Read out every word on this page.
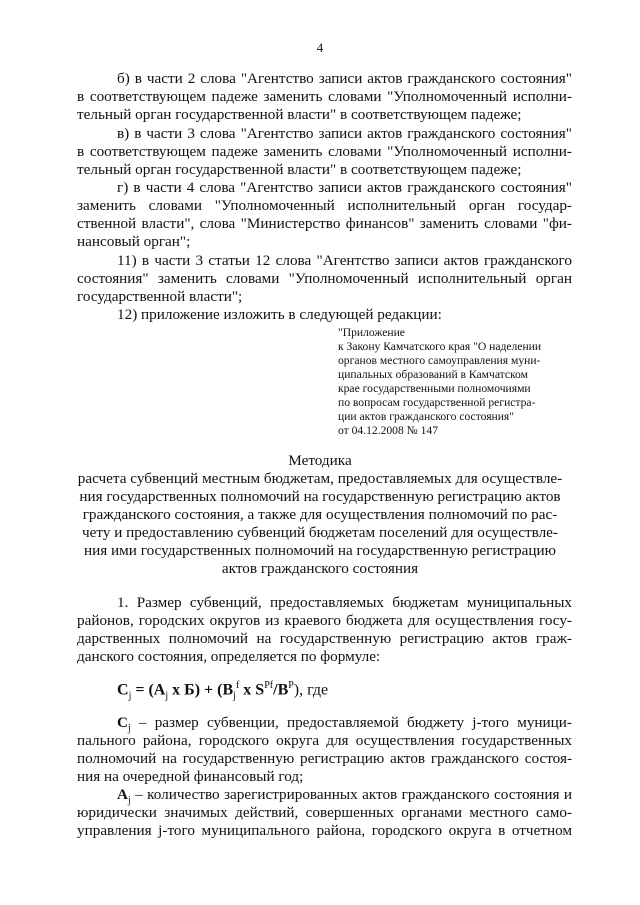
4
б) в части 2 слова "Агентство записи актов гражданского состояния"
в соответствующем падеже заменить словами "Уполномоченный исполни-
тельный орган государственной власти" в соответствующем падеже;
в) в части 3 слова "Агентство записи актов гражданского состояния"
в соответствующем падеже заменить словами "Уполномоченный исполни-
тельный орган государственной власти" в соответствующем падеже;
г) в части 4 слова "Агентство записи актов гражданского состояния"
заменить словами "Уполномоченный исполнительный орган государ-
ственной власти", слова "Министерство финансов" заменить словами "фи-
нансовый орган";
11) в части 3 статьи 12 слова "Агентство записи актов гражданского
состояния" заменить словами "Уполномоченный исполнительный орган
государственной власти";
12) приложение изложить в следующей редакции:
"Приложение
к Закону Камчатского края "О наделении
органов местного самоуправления муни-
ципальных образований в Камчатском
крае государственными полномочиями
по вопросам государственной регистра-
ции актов гражданского состояния"
от 04.12.2008 № 147
Методика
расчета субвенций местным бюджетам, предоставляемых для осуществле-
ния государственных полномочий на государственную регистрацию актов
гражданского состояния, а также для осуществления полномочий по рас-
чету и предоставлению субвенций бюджетам поселений для осуществле-
ния ими государственных полномочий на государственную регистрацию
актов гражданского состояния
1. Размер субвенций, предоставляемых бюджетам муниципальных
районов, городских округов из краевого бюджета для осуществления госу-
дарственных полномочий на государственную регистрацию актов граж-
данского состояния, определяется по формуле:
$C_j = (A_j$ x $Б) + (B_j^f$ x $S^{Pf}/B^P$), где
$C_j$ – размер субвенции, предоставляемой бюджету j-того муници-
пального района, городского округа для осуществления государственных
полномочий на государственную регистрацию актов гражданского состоя-
ния на очередной финансовый год;
$A_j$ – количество зарегистрированных актов гражданского состояния и
юридически значимых действий, совершенных органами местного само-
управления j-того муниципального района, городского округа в отчетном
